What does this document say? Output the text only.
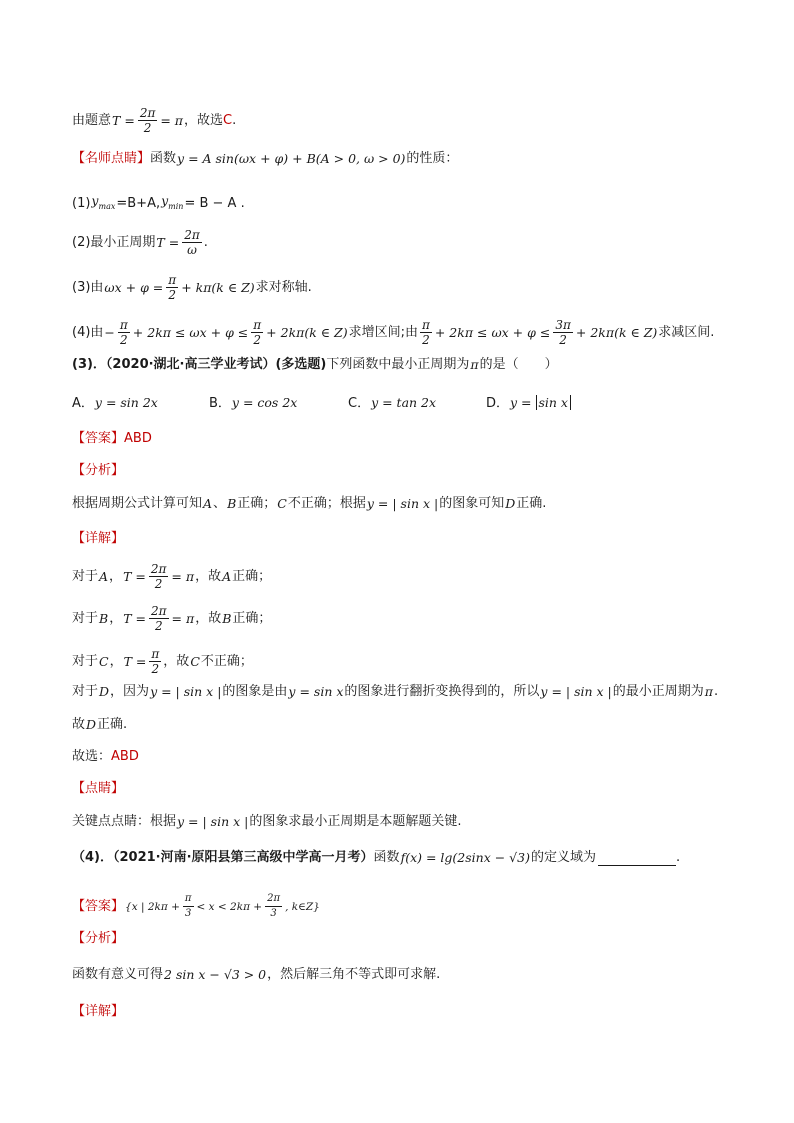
由题意 $T = \frac{2\pi}{2} = \pi$ ，故选 C .
【名师点睛】 函数 y = A sin(ωx + φ) + B(A > 0, ω > 0) 的性质：
(1) $y_{max} =B+A$, $y_{min} = B - A$ .
(2)最小正周期 $T = \frac{2\pi}{\omega}$ .
(3)由 $\omega x + \varphi = \frac{\pi}{2} + k\pi(k$ ∈ Z) 求对称轴.
(4)由 − $\frac{\pi}{2} + 2k\pi \le \omega x + \varphi \le \frac{\pi}{2} + 2k\pi(k$ ∈ Z) 求增区间;由 π
2
+ $2k\pi \le \omega x + \varphi \le \frac{3\pi}{2} + 2k\pi(k$ ∈ Z) 求减区间.
(3)．（2020·湖北·高三学业考试）(多选题) 下列函数中最小正周期为 π 的是（　　）
A．y = sin 2x	B．y = cos 2x	C．y = tan 2x	D．y = sin x
【答案】 ABD
【分析】
根据周期公式计算可知 A 、 B 正确； C 不正确；根据 y = | sin x | 的图象可知 D 正确.
【详解】
对于 A ， $T = \frac{2\pi}{2} = \pi$ ，故 A 正确；
对于 B ， $T = \frac{2\pi}{2} = \pi$ ，故 B 正确；
对于 C ， $T = \frac{\pi}{2}$ ，故 C 不正确；
对于 D ，因为 y = | sin x | 的图象是由 y = sin x 的图象进行翻折变换得到的，所以 y = | sin x | 的最小正周期为 π .
故 D 正确.
故选： ABD
【点睛】
关键点点睛：根据 y = | sin x | 的图象求最小正周期是本题解题关键.
（4)．（2021·河南·原阳县第三高级中学高一月考） 函数 f(x) = lg(2sinx − √3) 的定义域为	.
【答案】 {x | $2k\pi + \frac{\pi}{3} < x < 2k\pi + \frac{2\pi}{3}$ , k∈Z}
【分析】
函数有意义可得 2 sin x − √3 > 0 ，然后解三角不等式即可求解.
【详解】
